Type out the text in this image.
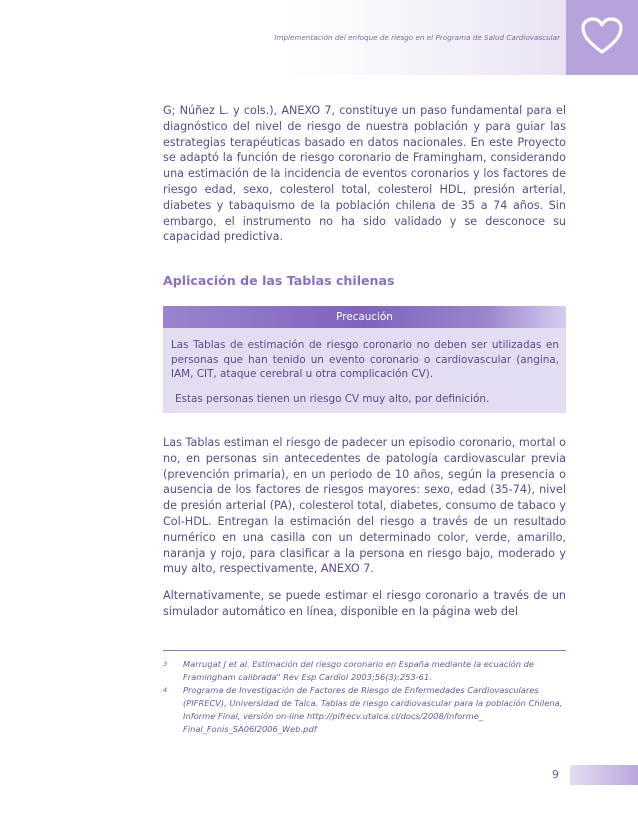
Implementación del enfoque de riesgo en el Programa de Salud Cardiovascular

G; Núñez L. y cols.), ANEXO 7, constituye un paso fundamental para el diagnóstico del nivel de riesgo de nuestra población y para guiar las estrategias terapéuticas basado en datos nacionales. En este Proyecto se adaptó la función de riesgo coronario de Framingham, considerando una estimación de la incidencia de eventos coronarios y los factores de riesgo edad, sexo, colesterol total, colesterol HDL, presión arterial, diabetes y tabaquismo de la población chilena de 35 a 74 años. Sin embargo, el instrumento no ha sido validado y se desconoce su capacidad predictiva.

Aplicación de las Tablas chilenas
Precaución

Las Tablas de estimación de riesgo coronario no deben ser utilizadas en personas que han tenido un evento coronario o cardiovascular (angina, IAM, CIT, ataque cerebral u otra complicación CV).

Estas personas tienen un riesgo CV muy alto, por definición.

Las Tablas estiman el riesgo de padecer un episodio coronario, mortal o no, en personas sin antecedentes de patología cardiovascular previa (prevención primaria), en un periodo de 10 años, según la presencia o ausencia de los factores de riesgos mayores: sexo, edad (35-74), nivel de presión arterial (PA), colesterol total, diabetes, consumo de tabaco y Col-HDL. Entregan la estimación del riesgo a través de un resultado numérico en una casilla con un determinado color, verde, amarillo, naranja y rojo, para clasificar a la persona en riesgo bajo, moderado y muy alto, respectivamente, ANEXO 7.

Alternativamente, se puede estimar el riesgo coronario a través de un simulador automático en línea, disponible en la página web del

3 Marrugat J et al. Estimación del riesgo coronario en España mediante la ecuación de Framingham calibrada" Rev Esp Cardiol 2003;56(3):253-61.
4 Programa de Investigación de Factores de Riesgo de Enfermedades Cardiovasculares (PIFRECV), Universidad de Talca. Tablas de riesgo cardiovascular para la población Chilena, Informe Final, versión on-line http://pifrecv.utalca.cl/docs/2008/Informe_ Final_Fonis_SA06I2006_Web.pdf
9
